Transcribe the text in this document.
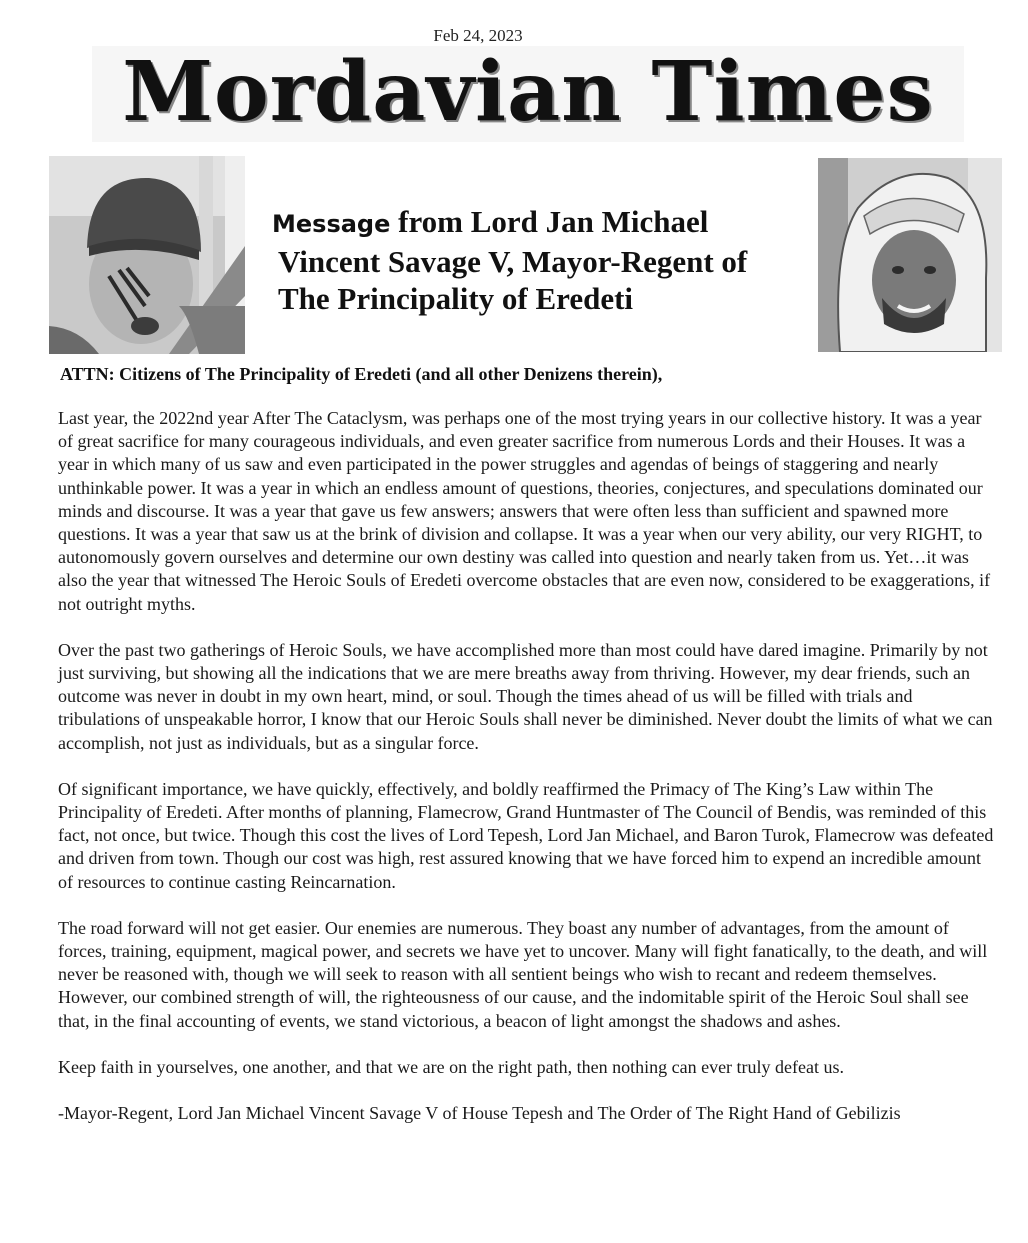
Feb 24, 2023
Mordavian Times
Message from Lord Jan Michael
Vincent Savage V, Mayor-Regent of
The Principality of Eredeti
ATTN: Citizens of The Principality of Eredeti (and all other Denizens therein),

Last year, the 2022nd year After The Cataclysm, was perhaps one of the most trying years in our collective history. It was a year of great sacrifice for many courageous individuals, and even greater sacrifice from numerous Lords and their Houses. It was a year in which many of us saw and even participated in the power struggles and agendas of beings of staggering and nearly unthinkable power. It was a year in which an endless amount of questions, theories, conjectures, and speculations dominated our minds and discourse. It was a year that gave us few answers; answers that were often less than sufficient and spawned more questions. It was a year that saw us at the brink of division and collapse. It was a year when our very ability, our very RIGHT, to autonomously govern ourselves and determine our own destiny was called into question and nearly taken from us. Yet…it was also the year that witnessed The Heroic Souls of Eredeti overcome obstacles that are even now, considered to be exaggerations, if not outright myths.

Over the past two gatherings of Heroic Souls, we have accomplished more than most could have dared imagine. Primarily by not just surviving, but showing all the indications that we are mere breaths away from thriving. However, my dear friends, such an outcome was never in doubt in my own heart, mind, or soul. Though the times ahead of us will be filled with trials and tribulations of unspeakable horror, I know that our Heroic Souls shall never be diminished. Never doubt the limits of what we can accomplish, not just as individuals, but as a singular force.

Of significant importance, we have quickly, effectively, and boldly reaffirmed the Primacy of The King’s Law within The Principality of Eredeti. After months of planning, Flamecrow, Grand Huntmaster of The Council of Bendis, was reminded of this fact, not once, but twice. Though this cost the lives of Lord Tepesh, Lord Jan Michael, and Baron Turok, Flamecrow was defeated and driven from town. Though our cost was high, rest assured knowing that we have forced him to expend an incredible amount of resources to continue casting Reincarnation.

The road forward will not get easier. Our enemies are numerous. They boast any number of advantages, from the amount of forces, training, equipment, magical power, and secrets we have yet to uncover. Many will fight fanatically, to the death, and will never be reasoned with, though we will seek to reason with all sentient beings who wish to recant and redeem themselves. However, our combined strength of will, the righteousness of our cause, and the indomitable spirit of the Heroic Soul shall see that, in the final accounting of events, we stand victorious, a beacon of light amongst the shadows and ashes.

Keep faith in yourselves, one another, and that we are on the right path, then nothing can ever truly defeat us.

-Mayor-Regent, Lord Jan Michael Vincent Savage V of House Tepesh and The Order of The Right Hand of Gebilizis
